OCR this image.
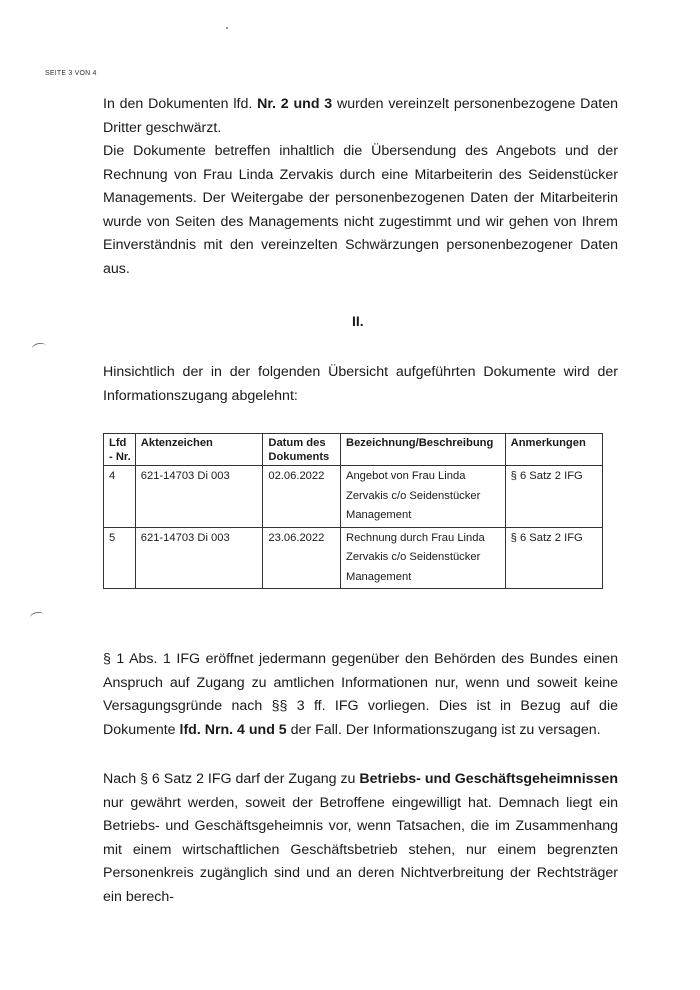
SEITE 3 VON 4

In den Dokumenten lfd. Nr. 2 und 3 wurden vereinzelt personenbezogene Daten Dritter geschwärzt.

Die Dokumente betreffen inhaltlich die Übersendung des Angebots und der Rechnung von Frau Linda Zervakis durch eine Mitarbeiterin des Seidenstücker Managements. Der Weitergabe der personenbezogenen Daten der Mitarbeiterin wurde von Seiten des Managements nicht zugestimmt und wir gehen von Ihrem Einverständnis mit den vereinzelten Schwärzungen personenbezogener Daten aus.

II.

Hinsichtlich der in der folgenden Übersicht aufgeführten Dokumente wird der Informationszugang abgelehnt:

Lfd - Nr.	Aktenzeichen	Datum des Dokuments	Bezeichnung/Beschreibung	Anmerkungen
4	621-14703 Di 003	02.06.2022	Angebot von Frau Linda Zervakis c/o Seidenstücker Management	§ 6 Satz 2 IFG
5	621-14703 Di 003	23.06.2022	Rechnung durch Frau Linda Zervakis c/o Seidenstücker Management	§ 6 Satz 2 IFG

§ 1 Abs. 1 IFG eröffnet jedermann gegenüber den Behörden des Bundes einen Anspruch auf Zugang zu amtlichen Informationen nur, wenn und soweit keine Versagungsgründe nach §§ 3 ff. IFG vorliegen. Dies ist in Bezug auf die Dokumente lfd. Nrn. 4 und 5 der Fall. Der Informationszugang ist zu versagen.

Nach § 6 Satz 2 IFG darf der Zugang zu Betriebs- und Geschäftsgeheimnissen nur gewährt werden, soweit der Betroffene eingewilligt hat. Demnach liegt ein Betriebs- und Geschäftsgeheimnis vor, wenn Tatsachen, die im Zusammenhang mit einem wirtschaftlichen Geschäftsbetrieb stehen, nur einem begrenzten Personenkreis zugänglich sind und an deren Nichtverbreitung der Rechtsträger ein berech-
